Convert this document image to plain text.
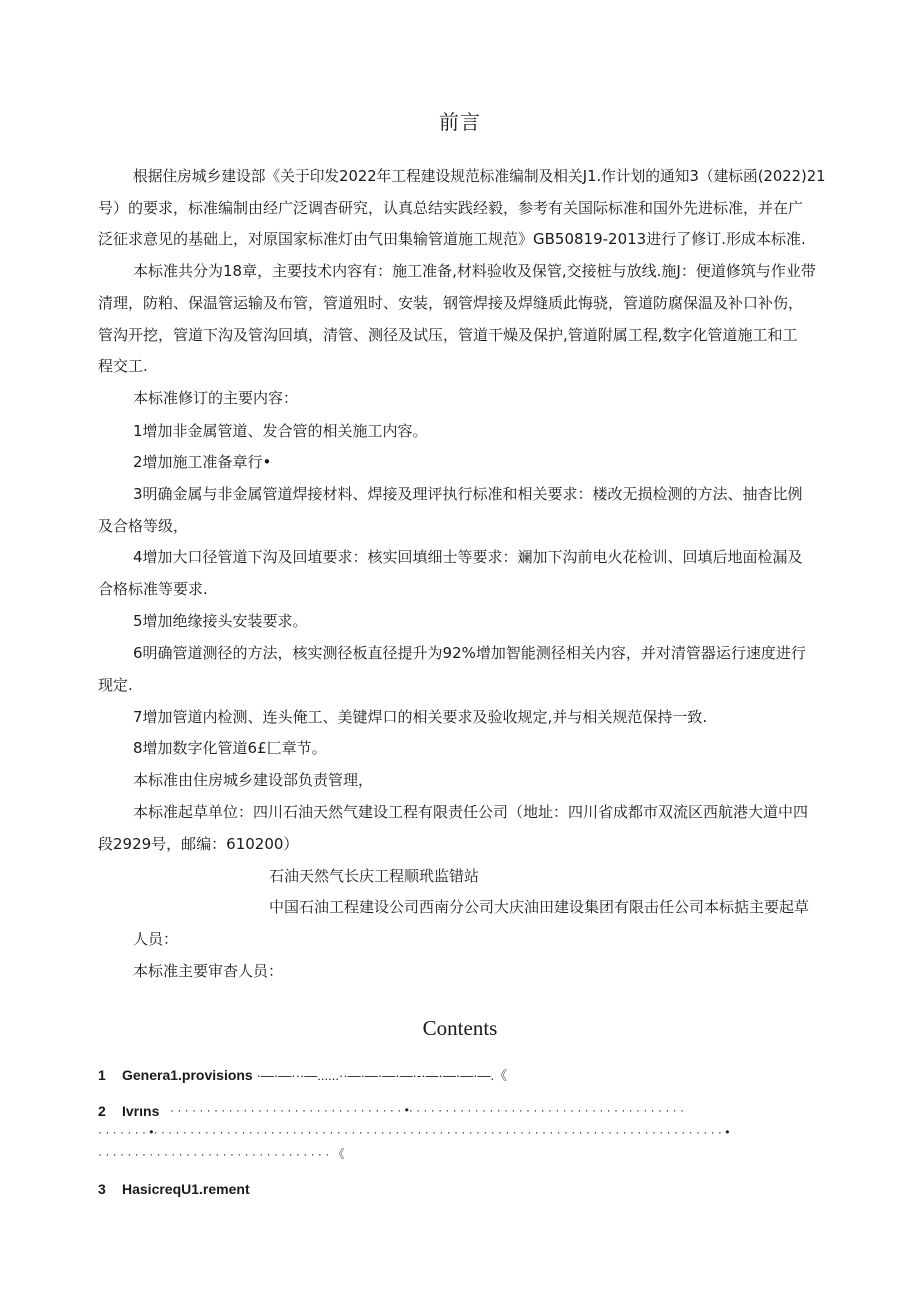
前言
根据住房城乡建设部《关于印发2022年工程建设规范标准编制及相关J1.作计划的通知3（建标函(2022)21
号）的要求，标准编制由经广泛调杳研究，认真总结实践经毅，参考有关国际标准和国外先进标准，并在广
泛征求意见的基础上，对原国家标准灯由气田集输管道施工规范》GB50819-2013进行了修订.形成本标准.
本标准共分为18章，主要技术内容有：施工准备,材料验收及保管,交接桩与放线.施J：便道修筑与作业带
清理，防粕、保温管运输及布管，管道殂时、安装，钢管焊接及焊缝质此悔骁，管道防腐保温及补口补伤，
管沟开挖，管道下沟及管沟回填，清管、测径及试压，管道干燥及保护,管道附属工程,数字化管道施工和工
程交工.
本标准修订的主要内容：
1增加非金属管道、发合管的相关施工内容。
2增加施工准备章行•
3明确金属与非金属管道焊接材料、焊接及理评执行标准和相关要求：楼改无损检测的方法、抽杳比例
及合格等级，
4增加大口径管道下沟及回埴要求：核实回填细士等要求：斓加下沟前电火花检训、回填后地面检漏及
合格标准等要求.
5增加绝缘接头安装要求。
6明确管道测径的方法，核实测径板直径提升为92%增加智能测径相关内容，并对清管器运行速度进行
现定.
7增加管道内检测、连头俺工、美键焊口的相关要求及验收规定,并与相关规范保持一致.
8增加数字化管道6£匚章节。
本标准由住房城乡建设部负责管理，
本标准起草单位：四川石油天然气建设工程有限责任公司（地址：四川省成都市双流区西航港大道中四
段2929号，邮编：610200）
石油天然气长庆工程顺玳监错站
中国石油工程建设公司西南分公司大庆油田建设集团有限击任公司本标掂主要起草
人员：
本标准主要审杳人员：
Contents
1 Genera1.provisions ·—·—···—......··—·—·—·—·-·—·—·—·—.《
2 Ivrıns · · · · · · · · · · · · · · · · · · · · · · · · · · · · · · · · •· · · · · · · · · · · · · · · · · · · · · · · · · · · · · · · · · · · · · ·
· · · · · · · •· · · · · · · · · · · · · · · · · · · · · · · · · · · · · · · · · · · · · · · · · · · · · · · · · · · · · · · · · · · · · · · · · · · · · · · · · · · · · · •
· · · · · · · · · · · · · · · · · · · · · · · · · · · · · · · · 《
3 HasicreqU1.rement
